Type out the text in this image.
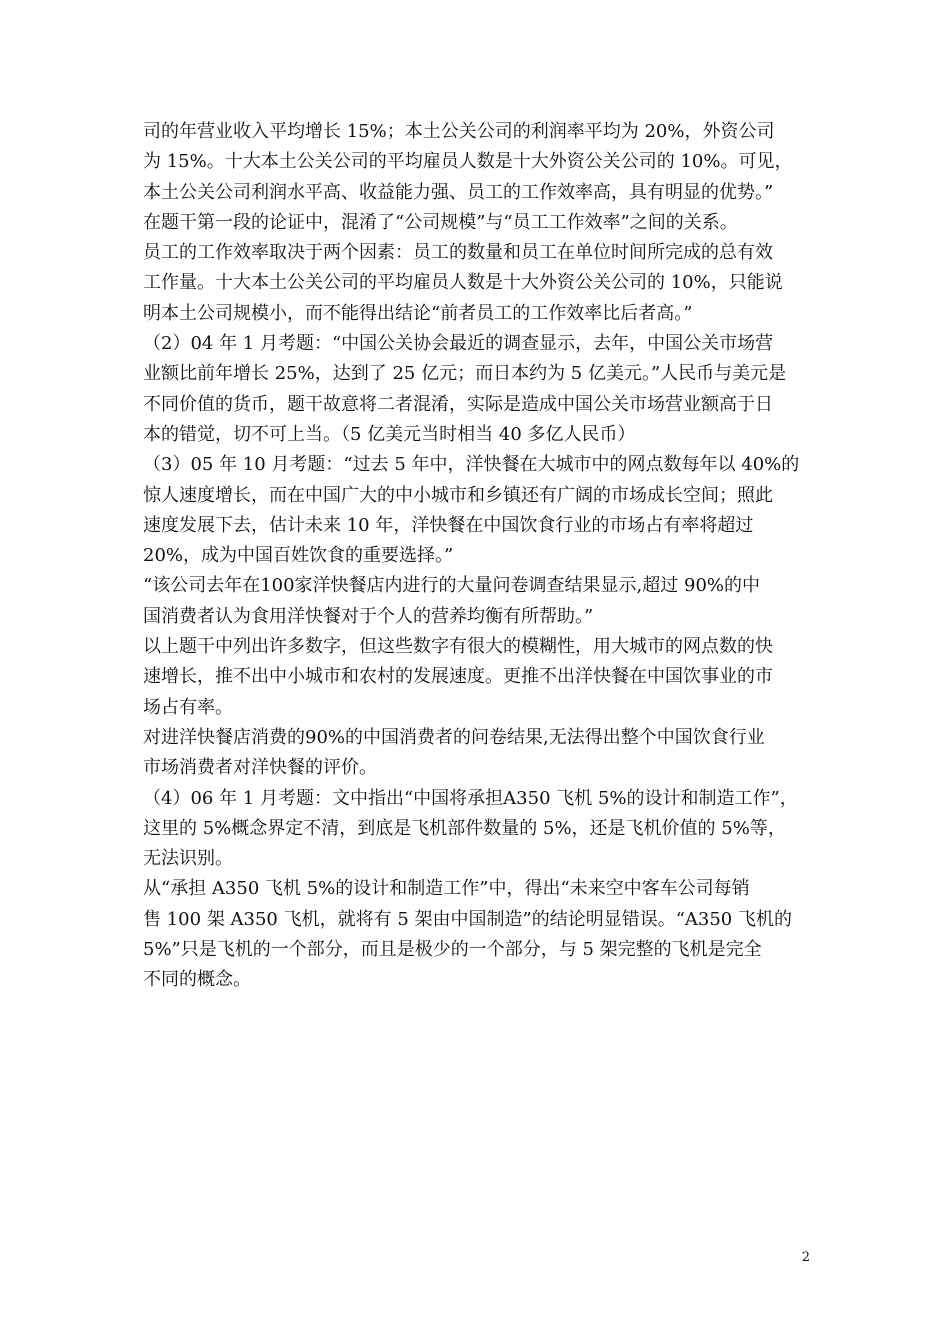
司的年营业收入平均增长 15%；本土公关公司的利润率平均为 20%，外资公司
为 15%。十大本土公关公司的平均雇员人数是十大外资公关公司的 10%。可见，
本土公关公司利润水平高、收益能力强、员工的工作效率高，具有明显的优势。”
在题干第一段的论证中，混淆了“公司规模”与“员工工作效率”之间的关系。
员工的工作效率取决于两个因素：员工的数量和员工在单位时间所完成的总有效
工作量。十大本土公关公司的平均雇员人数是十大外资公关公司的 10%，只能说
明本土公司规模小，而不能得出结论“前者员工的工作效率比后者高。”
（2）04 年 1 月考题：“中国公关协会最近的调查显示，去年，中国公关市场营
业额比前年增长 25%，达到了 25 亿元；而日本约为 5 亿美元。”人民币与美元是
不同价值的货币，题干故意将二者混淆，实际是造成中国公关市场营业额高于日
本的错觉，切不可上当。（5 亿美元当时相当 40 多亿人民币）
（3）05 年 10 月考题：“过去 5 年中，洋快餐在大城市中的网点数每年以 40%的
惊人速度增长，而在中国广大的中小城市和乡镇还有广阔的市场成长空间；照此
速度发展下去，估计未来 10 年，洋快餐在中国饮食行业的市场占有率将超过
20%，成为中国百姓饮食的重要选择。”
“该公司去年在100家洋快餐店内进行的大量问卷调查结果显示,超过 90%的中
国消费者认为食用洋快餐对于个人的营养均衡有所帮助。”
以上题干中列出许多数字，但这些数字有很大的模糊性，用大城市的网点数的快
速增长，推不出中小城市和农村的发展速度。更推不出洋快餐在中国饮事业的市
场占有率。
对进洋快餐店消费的90%的中国消费者的问卷结果,无法得出整个中国饮食行业
市场消费者对洋快餐的评价。
（4）06 年 1 月考题：文中指出“中国将承担A350 飞机 5%的设计和制造工作”，
这里的 5%概念界定不清，到底是飞机部件数量的 5%，还是飞机价值的 5%等，
无法识别。
从“承担 A350 飞机 5%的设计和制造工作”中，得出“未来空中客车公司每销
售 100 架 A350 飞机，就将有 5 架由中国制造”的结论明显错误。“A350 飞机的
5%”只是飞机的一个部分，而且是极少的一个部分，与 5 架完整的飞机是完全
不同的概念。
2
